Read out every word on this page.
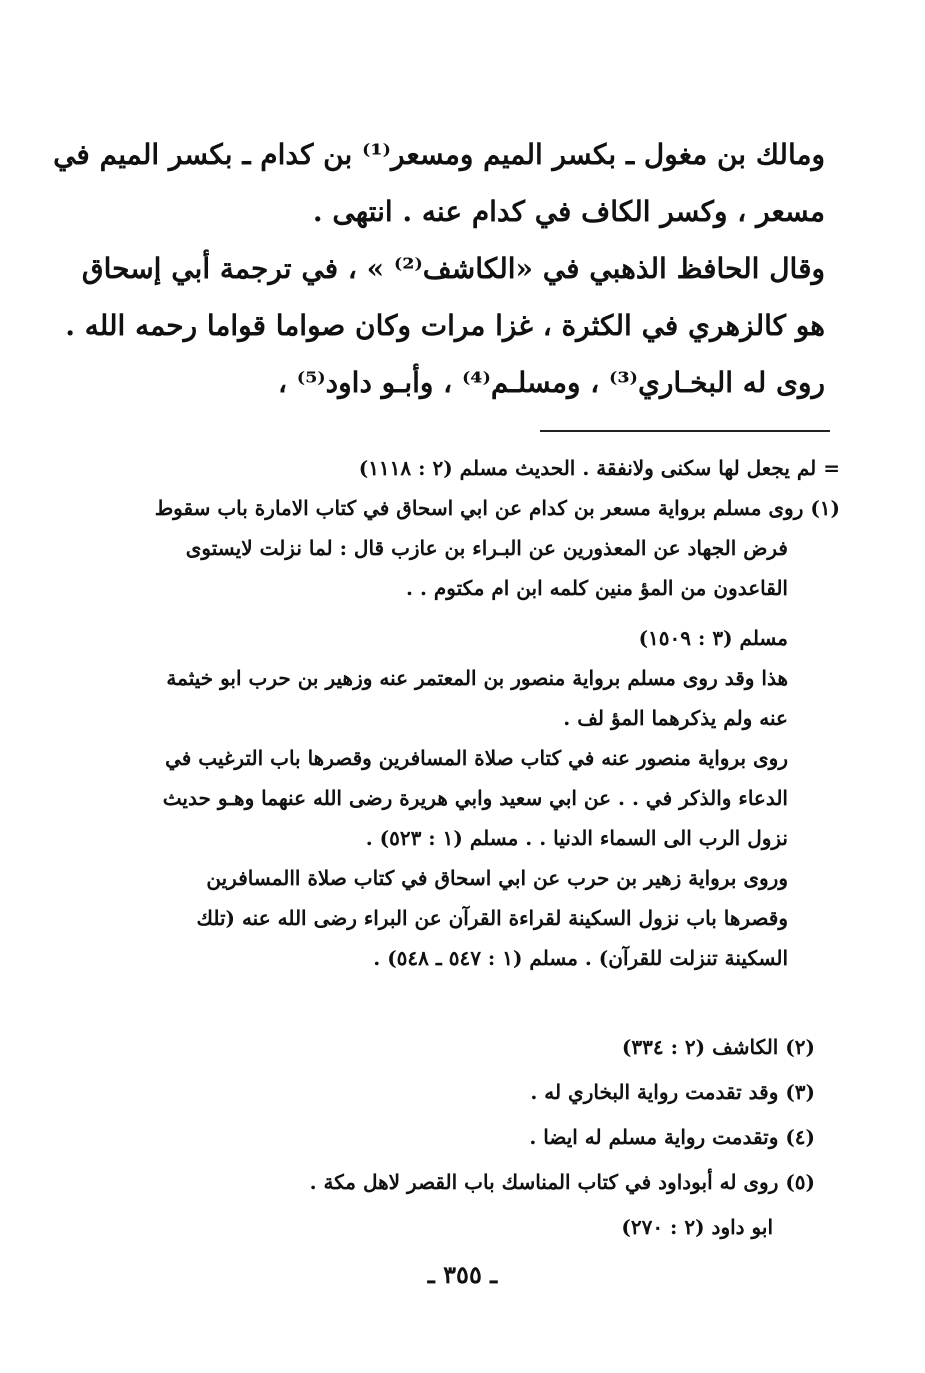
ومالك بن مغول ـ بكسر الميم ومسعر⁽¹⁾ بن كدام ـ بكسر الميم في
مسعر ، وكسر الكاف في كدام عنه . انتهى .
وقال الحافظ الذهبي في «الكاشف⁽²⁾ » ، في ترجمة أبي إسحاق
هو كالزهري في الكثرة ، غزا مرات وكان صواما قواما رحمه الله .
روى له البخـاري⁽³⁾ ، ومسلـم⁽⁴⁾ ، وأبـو داود⁽⁵⁾ ،
= لم يجعل لها سكنى ولانفقة . الحديث مسلم (٢ : ١١١٨)
(١) روى مسلم برواية مسعر بن كدام عن ابي اسحاق في كتاب الامارة باب سقوط
فرض الجهاد عن المعذورين عن البـراء بن عازب قال : لما نزلت لايستوى
القاعدون من المؤ منين كلمه ابن ام مكتوم . .
مسلم (٣ : ١٥٠٩)
هذا وقد روى مسلم برواية منصور بن المعتمر عنه وزهير بن حرب ابو خيثمة
عنه ولم يذكرهما المؤ لف .
روى برواية منصور عنه في كتاب صلاة المسافرين وقصرها باب الترغيب في
الدعاء والذكر في . . عن ابي سعيد وابي هريرة رضى الله عنهما وهـو حديث
نزول الرب الى السماء الدنيا . . مسلم (١ : ٥٢٣) .
وروى برواية زهير بن حرب عن ابي اسحاق في كتاب صلاة االمسافرين
وقصرها باب نزول السكينة لقراءة القرآن عن البراء رضى الله عنه (تلك
السكينة تنزلت للقرآن) . مسلم (١ : ٥٤٧ ـ ٥٤٨) .
(٢) الكاشف (٢ : ٣٣٤)
(٣) وقد تقدمت رواية البخاري له .
(٤) وتقدمت رواية مسلم له ايضا .
(٥) روى له أبوداود في كتاب المناسك باب القصر لاهل مكة .
ابو داود (٢ : ٢٧٠)
ـ ٣٥٥ ـ
